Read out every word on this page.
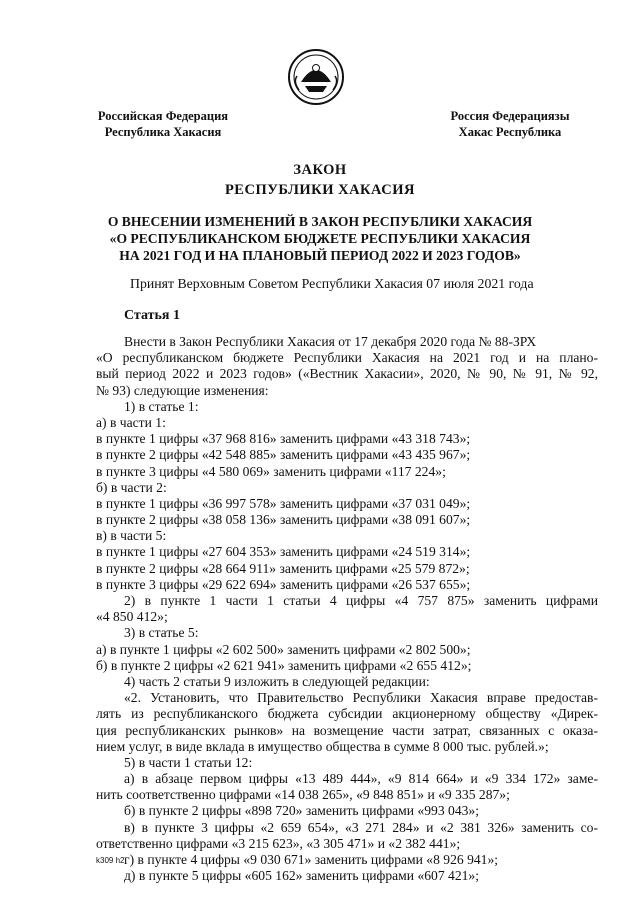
Российская Федерация
Республика Хакасия
Россия Федерациязы
Хакас Республика
ЗАКОН
РЕСПУБЛИКИ ХАКАСИЯ
О ВНЕСЕНИИ ИЗМЕНЕНИЙ В ЗАКОН РЕСПУБЛИКИ ХАКАСИЯ
«О РЕСПУБЛИКАНСКОМ БЮДЖЕТЕ РЕСПУБЛИКИ ХАКАСИЯ
НА 2021 ГОД И НА ПЛАНОВЫЙ ПЕРИОД 2022 И 2023 ГОДОВ»
Принят Верховным Советом Республики Хакасия 07 июля 2021 года
Статья 1
Внести в Закон Республики Хакасия от 17 декабря 2020 года № 88-ЗРХ
«О республиканском бюджете Республики Хакасия на 2021 год и на плано-
вый период 2022 и 2023 годов» («Вестник Хакасии», 2020, № 90, № 91, № 92,
№ 93) следующие изменения:
1) в статье 1:
а) в части 1:
в пункте 1 цифры «37 968 816» заменить цифрами «43 318 743»;
в пункте 2 цифры «42 548 885» заменить цифрами «43 435 967»;
в пункте 3 цифры «4 580 069» заменить цифрами «117 224»;
б) в части 2:
в пункте 1 цифры «36 997 578» заменить цифрами «37 031 049»;
в пункте 2 цифры «38 058 136» заменить цифрами «38 091 607»;
в) в части 5:
в пункте 1 цифры «27 604 353» заменить цифрами «24 519 314»;
в пункте 2 цифры «28 664 911» заменить цифрами «25 579 872»;
в пункте 3 цифры «29 622 694» заменить цифрами «26 537 655»;
2) в пункте 1 части 1 статьи 4 цифры «4 757 875» заменить цифрами
«4 850 412»;
3) в статье 5:
а) в пункте 1 цифры «2 602 500» заменить цифрами «2 802 500»;
б) в пункте 2 цифры «2 621 941» заменить цифрами «2 655 412»;
4) часть 2 статьи 9 изложить в следующей редакции:
«2. Установить, что Правительство Республики Хакасия вправе предостав-
лять из республиканского бюджета субсидии акционерному обществу «Дирек-
ция республиканских рынков» на возмещение части затрат, связанных с оказа-
нием услуг, в виде вклада в имущество общества в сумме 8 000 тыс. рублей.»;
5) в части 1 статьи 12:
а) в абзаце первом цифры «13 489 444», «9 814 664» и «9 334 172» заме-
нить соответственно цифрами «14 038 265», «9 848 851» и «9 335 287»;
б) в пункте 2 цифры «898 720» заменить цифрами «993 043»;
в) в пункте 3 цифры «2 659 654», «3 271 284» и «2 381 326» заменить со-
ответственно цифрами «3 215 623», «3 305 471» и «2 382 441»;
г) в пункте 4 цифры «9 030 671» заменить цифрами «8 926 941»;
д) в пункте 5 цифры «605 162» заменить цифрами «607 421»;
k309 h2
